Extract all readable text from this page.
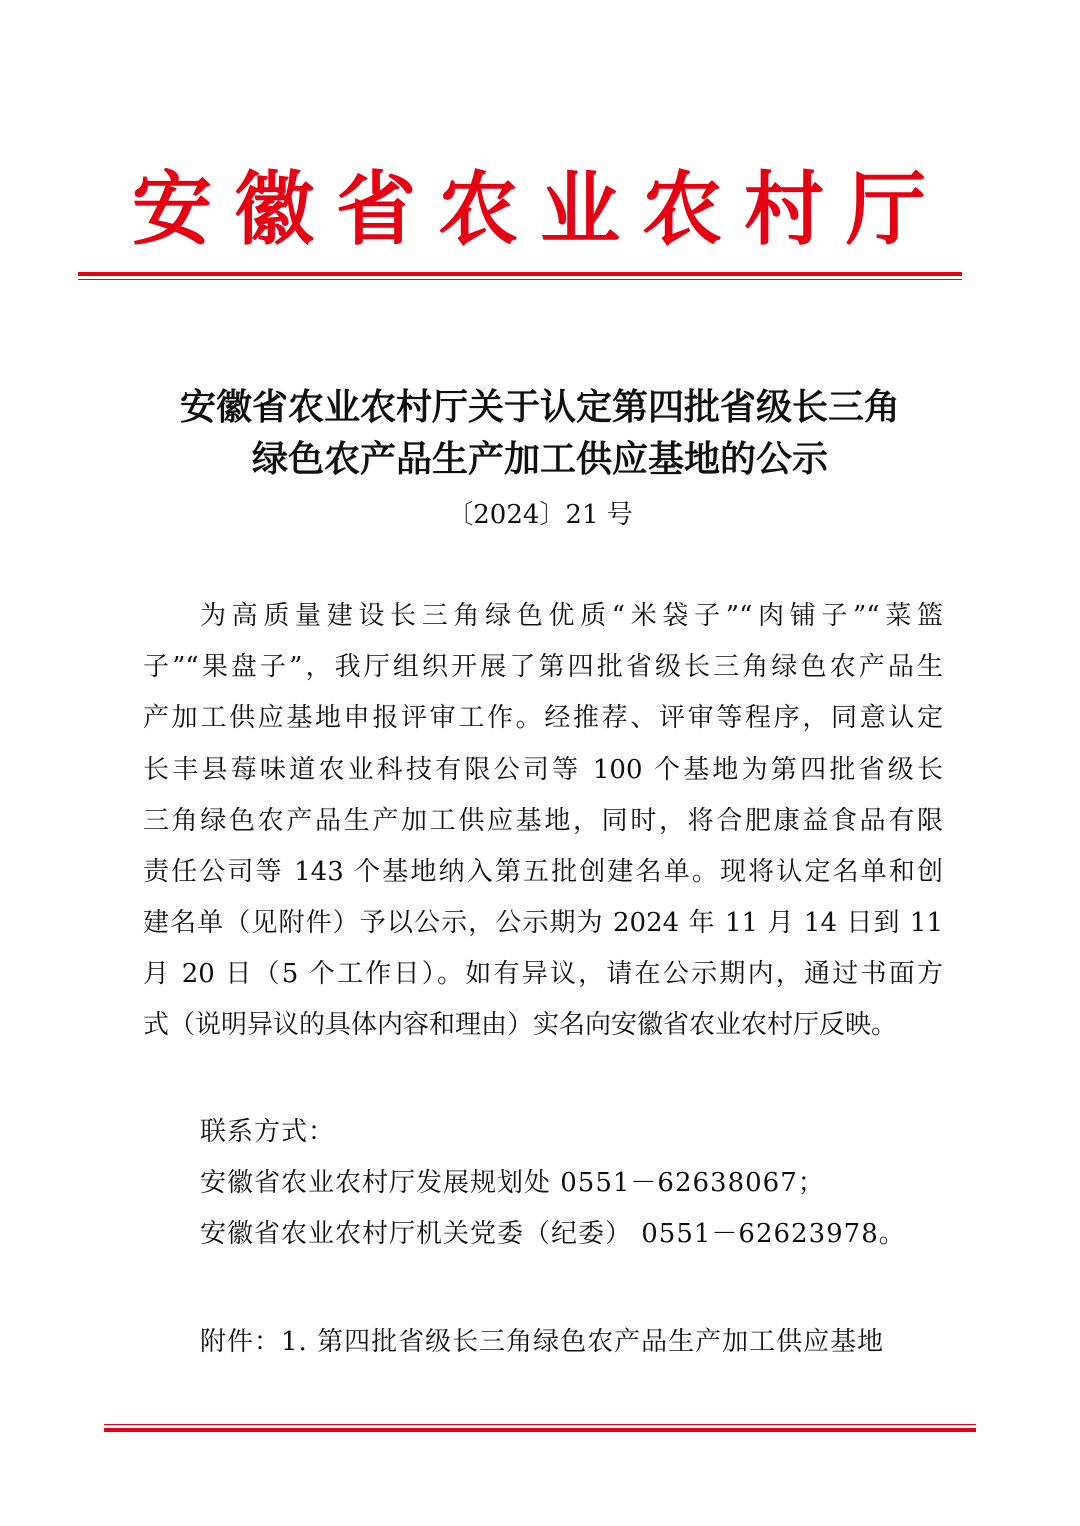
安徽省农业农村厅
安徽省农业农村厅关于认定第四批省级长三角
绿色农产品生产加工供应基地的公示
〔2024〕21 号
为高质量建设长三角绿色优质“米袋子”“肉铺子”“菜篮
子”“果盘子”，我厅组织开展了第四批省级长三角绿色农产品生
产加工供应基地申报评审工作。经推荐、评审等程序，同意认定
长丰县莓味道农业科技有限公司等 100 个基地为第四批省级长
三角绿色农产品生产加工供应基地，同时，将合肥康益食品有限
责任公司等 143 个基地纳入第五批创建名单。现将认定名单和创
建名单（见附件）予以公示，公示期为 2024 年 11 月 14 日到 11
月 20 日（5 个工作日）。如有异议，请在公示期内，通过书面方
式（说明异议的具体内容和理由）实名向安徽省农业农村厅反映。
联系方式：
安徽省农业农村厅发展规划处 0551－62638067；
安徽省农业农村厅机关党委（纪委） 0551－62623978。
附件：1. 第四批省级长三角绿色农产品生产加工供应基地
